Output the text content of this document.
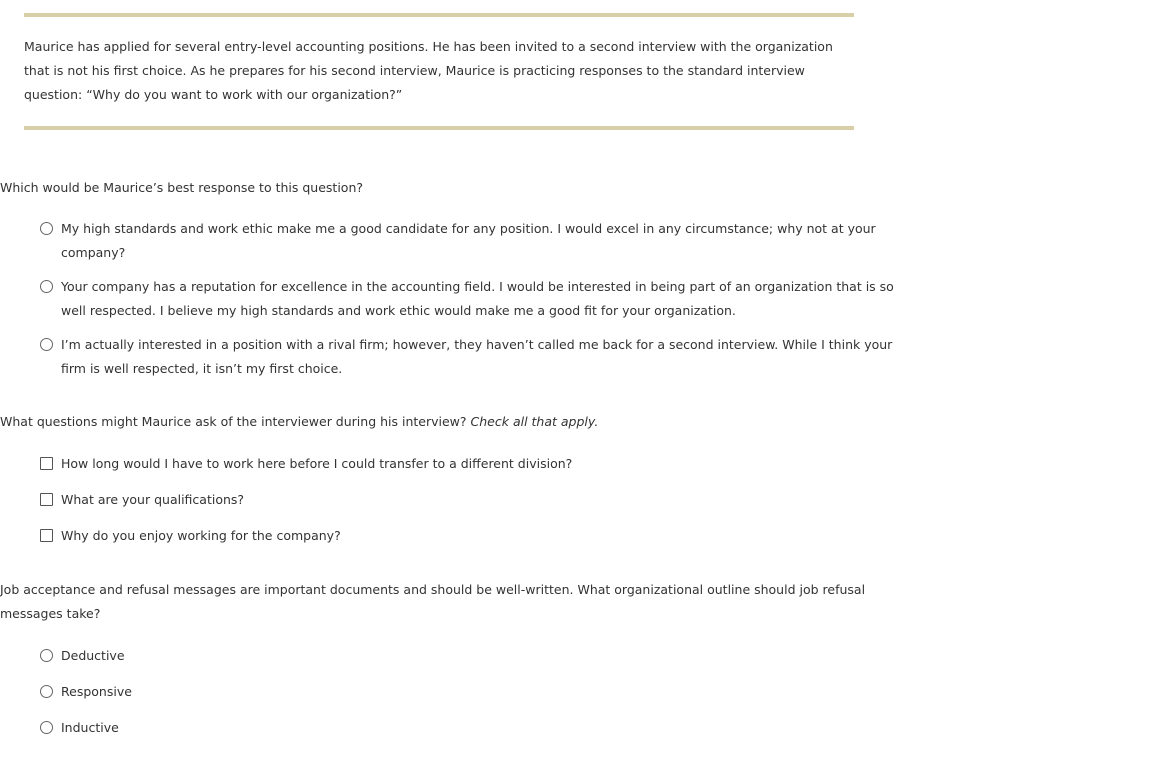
Maurice has applied for several entry-level accounting positions. He has been invited to a second interview with the organization that is not his first choice. As he prepares for his second interview, Maurice is practicing responses to the standard interview question: “Why do you want to work with our organization?”
Which would be Maurice’s best response to this question?
My high standards and work ethic make me a good candidate for any position. I would excel in any circumstance; why not at your company?
Your company has a reputation for excellence in the accounting field. I would be interested in being part of an organization that is so well respected. I believe my high standards and work ethic would make me a good fit for your organization.
I’m actually interested in a position with a rival firm; however, they haven’t called me back for a second interview. While I think your firm is well respected, it isn’t my first choice.
What questions might Maurice ask of the interviewer during his interview? Check all that apply.
How long would I have to work here before I could transfer to a different division?
What are your qualifications?
Why do you enjoy working for the company?
Job acceptance and refusal messages are important documents and should be well-written. What organizational outline should job refusal messages take?
Deductive
Responsive
Inductive
